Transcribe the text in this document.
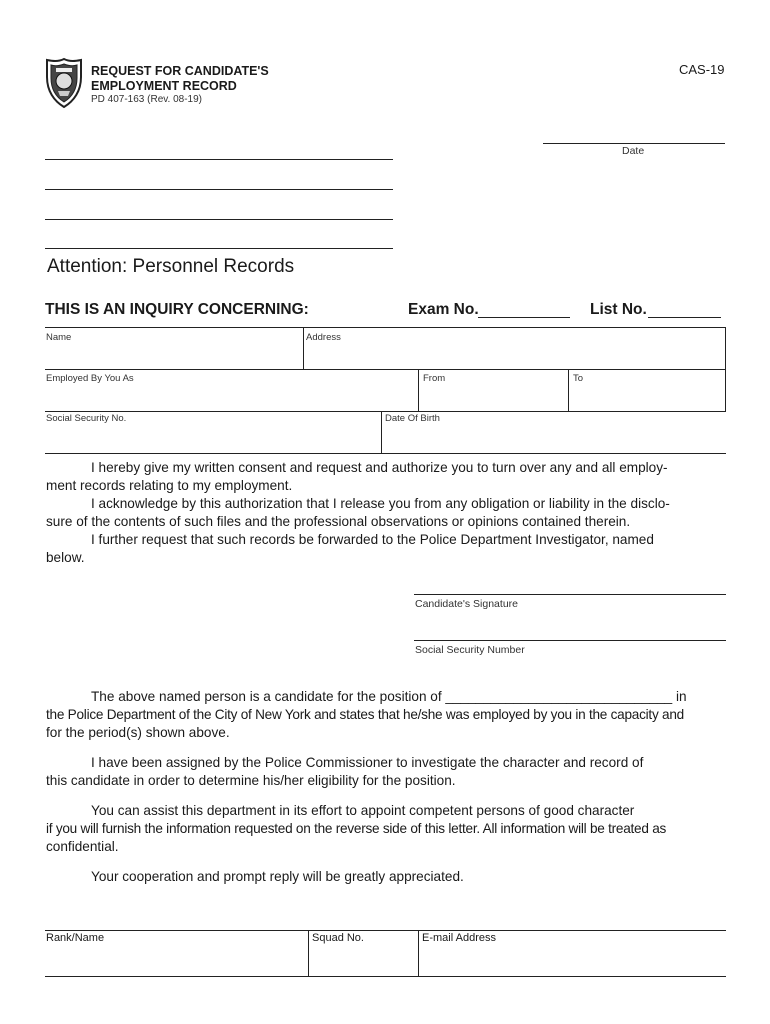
REQUEST FOR CANDIDATE'S
EMPLOYMENT RECORD
PD 407-163 (Rev. 08-19)
CAS-19
Date
Attention: Personnel Records
THIS IS AN INQUIRY CONCERNING:	Exam No.	List No.
Name	Address
Employed By You As	From	To
Social Security No.	Date Of Birth

I hereby give my written consent and request and authorize you to turn over any and all employ-

ment records relating to my employment.

I acknowledge by this authorization that I release you from any obligation or liability in the disclo-

sure of the contents of such files and the professional observations or opinions contained therein.

I further request that such records be forwarded to the Police Department Investigator, named

below.

Candidate's Signature
Social Security Number

The above named person is a candidate for the position of ______________________________ in

the Police Department of the City of New York and states that he/she was employed by you in the capacity and

for the period(s) shown above.

I have been assigned by the Police Commissioner to investigate the character and record of

this candidate in order to determine his/her eligibility for the position.

You can assist this department in its effort to appoint competent persons of good character

if you will furnish the information requested on the reverse side of this letter. All information will be treated as

confidential.

Your cooperation and prompt reply will be greatly appreciated.

Rank/Name	Squad No.	E-mail Address
